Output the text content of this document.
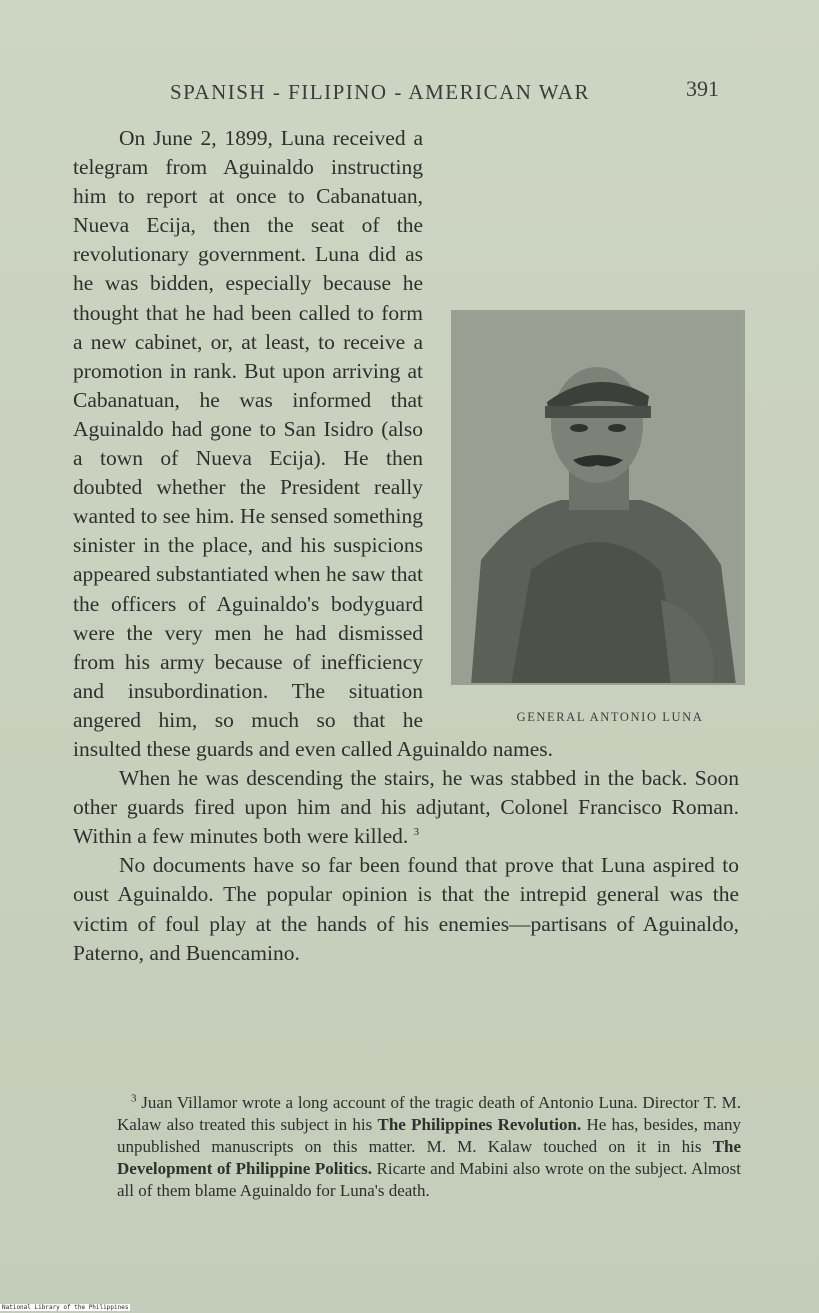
SPANISH - FILIPINO - AMERICAN WAR	391

GENERAL ANTONIO LUNA
On June 2, 1899, Luna received a telegram from Aguinaldo instructing him to report at once to Cabanatuan, Nueva Ecija, then the seat of the revolutionary government. Luna did as he was bidden, especially because he thought that he had been called to form a new cabinet, or, at least, to receive a promotion in rank. But upon arriving at Cabanatuan, he was informed that Aguinaldo had gone to San Isidro (also a town of Nueva Ecija). He then doubted whether the President really wanted to see him. He sensed something sinister in the place, and his suspicions appeared substantiated when he saw that the officers of Aguinaldo's bodyguard were the very men he had dismissed from his army because of inefficiency and insubordination. The situation angered him, so much so that he insulted these guards and even called Aguinaldo names.

When he was descending the stairs, he was stabbed in the back. Soon other guards fired upon him and his adjutant, Colonel Francisco Roman. Within a few minutes both were killed. $^3$

No documents have so far been found that prove that Luna aspired to oust Aguinaldo. The popular opinion is that the intrepid general was the victim of foul play at the hands of his enemies—partisans of Aguinaldo, Paterno, and Buencamino.

$^3$ Juan Villamor wrote a long account of the tragic death of Antonio Luna. Director T. M. Kalaw also treated this subject in his The Philippines Revolution. He has, besides, many unpublished manuscripts on this matter. M. M. Kalaw touched on it in his The Development of Philippine Politics. Ricarte and Mabini also wrote on the subject. Almost all of them blame Aguinaldo for Luna's death.

National Library of the Philippines
